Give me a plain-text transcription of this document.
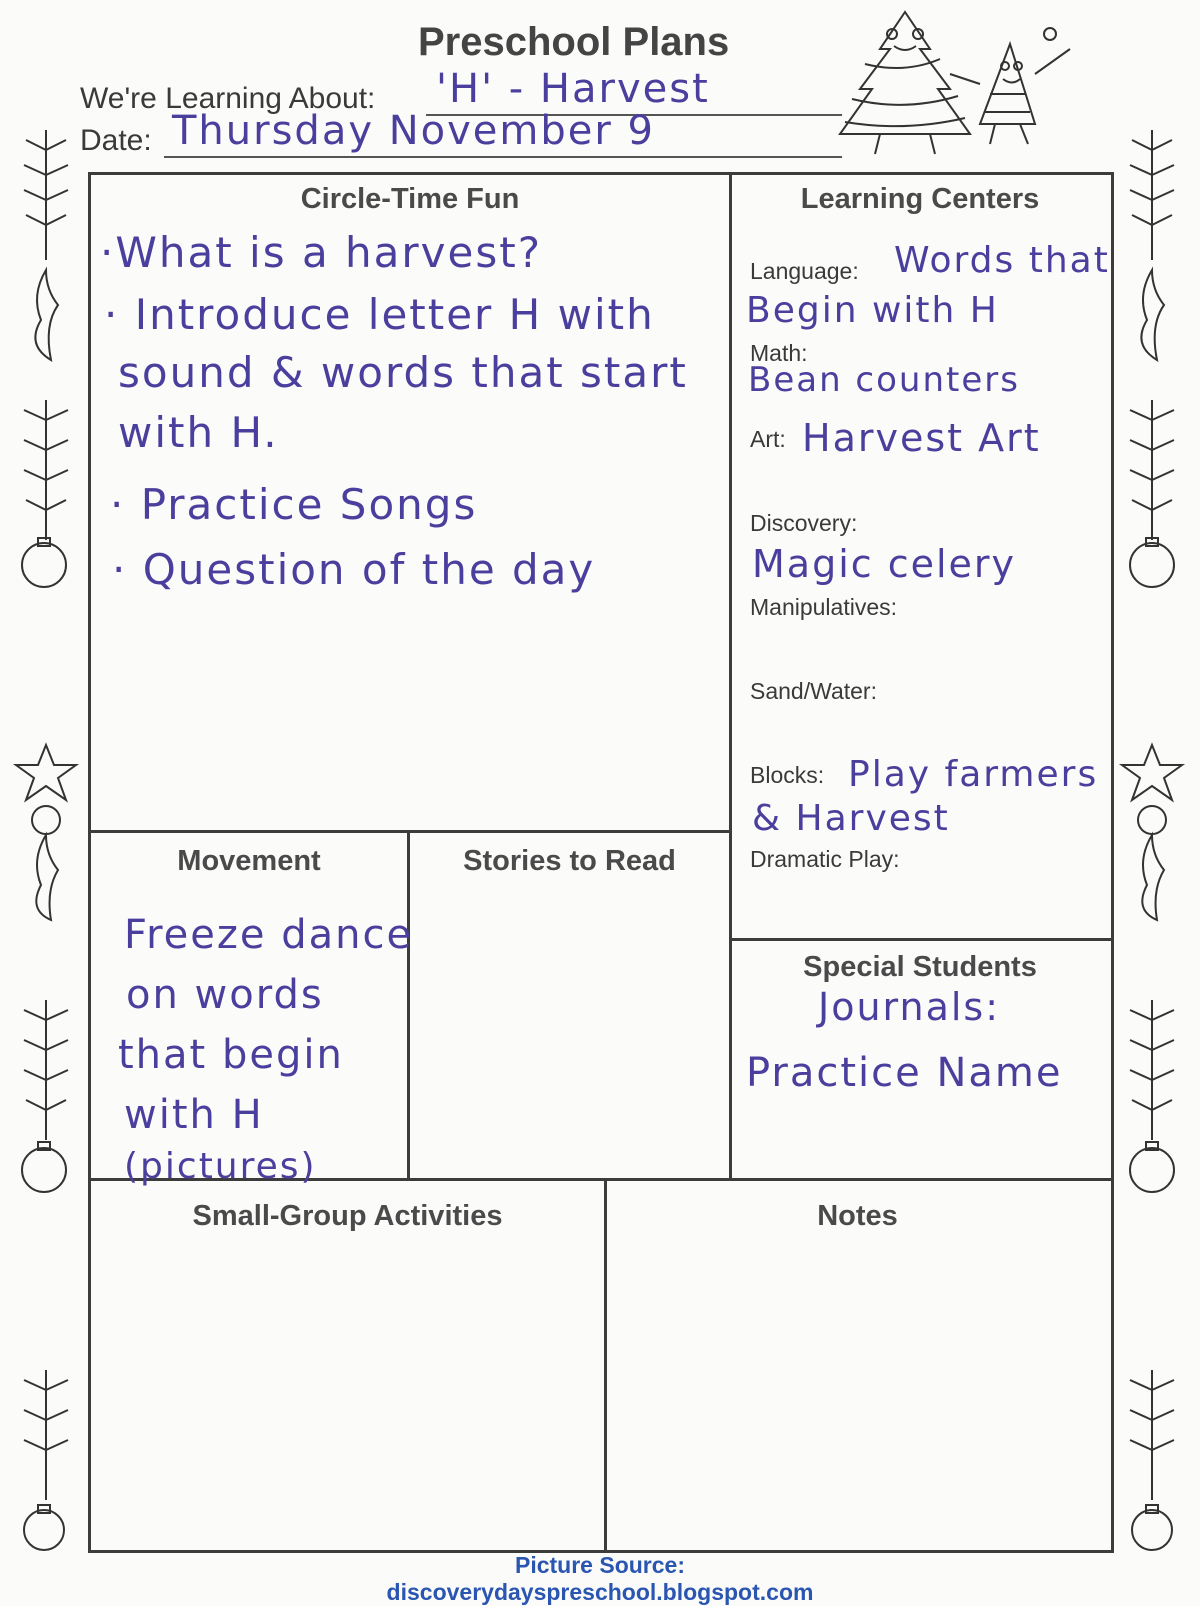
Preschool Plans
We're Learning About: 'H' - Harvest
Date: Thursday November 9
Circle-Time Fun
·What is a harvest?
· Introduce letter H with
sound & words that start
with H.
· Practice Songs
· Question of the day
Learning Centers
Language: Words that
Begin with H
Math:
Bean counters
Art: Harvest Art
Discovery:
Magic celery
Manipulatives:
Sand/Water:
Blocks: Play farmers
& Harvest
Dramatic Play:
Movement
Freeze dance
on words
that begin
with H
(pictures)
Stories to Read
Special Students
Journals:
Practice Name
Small-Group Activities	Notes
Picture Source: discoverydayspreschool.blogspot.com
